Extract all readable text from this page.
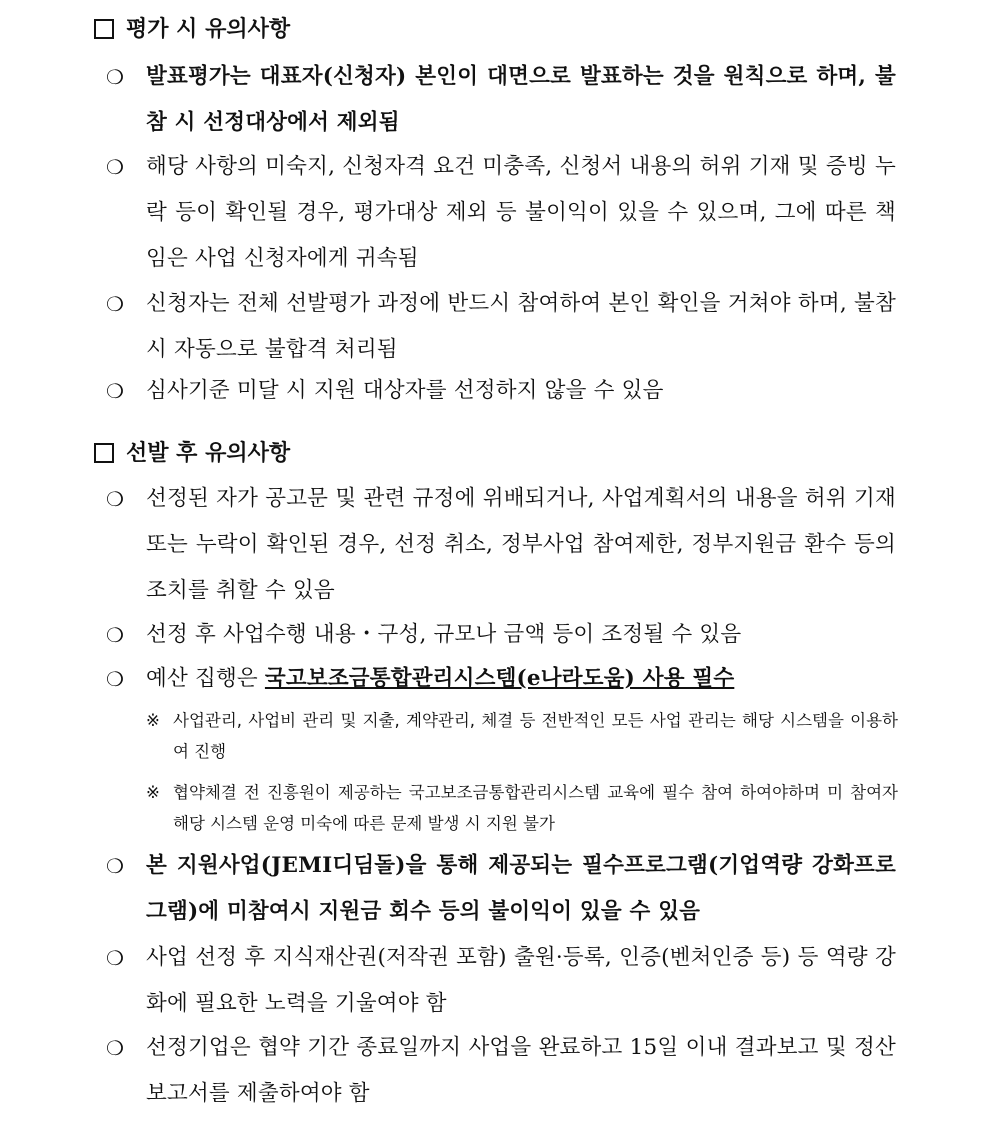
평가 시 유의사항
❍ 발표평가는 대표자(신청자) 본인이 대면으로 발표하는 것을 원칙으로 하며, 불참 시 선정대상에서 제외됨
❍ 해당 사항의 미숙지, 신청자격 요건 미충족, 신청서 내용의 허위 기재 및 증빙 누락 등이 확인될 경우, 평가대상 제외 등 불이익이 있을 수 있으며, 그에 따른 책임은 사업 신청자에게 귀속됨
❍ 신청자는 전체 선발평가 과정에 반드시 참여하여 본인 확인을 거쳐야 하며, 불참 시 자동으로 불합격 처리됨
❍ 심사기준 미달 시 지원 대상자를 선정하지 않을 수 있음
선발 후 유의사항
❍ 선정된 자가 공고문 및 관련 규정에 위배되거나, 사업계획서의 내용을 허위 기재 또는 누락이 확인된 경우, 선정 취소, 정부사업 참여제한, 정부지원금 환수 등의 조치를 취할 수 있음
❍ 선정 후 사업수행 내용・구성, 규모나 금액 등이 조정될 수 있음
❍ 예산 집행은 국고보조금통합관리시스템(e나라도움) 사용 필수
※ 사업관리, 사업비 관리 및 지출, 계약관리, 체결 등 전반적인 모든 사업 관리는 해당 시스템을 이용하여 진행
※ 협약체결 전 진흥원이 제공하는 국고보조금통합관리시스템 교육에 필수 참여 하여야하며 미 참여자 해당 시스템 운영 미숙에 따른 문제 발생 시 지원 불가
❍ 본 지원사업(JEMI디딤돌)을 통해 제공되는 필수프로그램(기업역량 강화프로그램)에 미참여시 지원금 회수 등의 불이익이 있을 수 있음
❍ 사업 선정 후 지식재산권(저작권 포함) 출원·등록, 인증(벤처인증 등) 등 역량 강화에 필요한 노력을 기울여야 함
❍ 선정기업은 협약 기간 종료일까지 사업을 완료하고 15일 이내 결과보고 및 정산보고서를 제출하여야 함
